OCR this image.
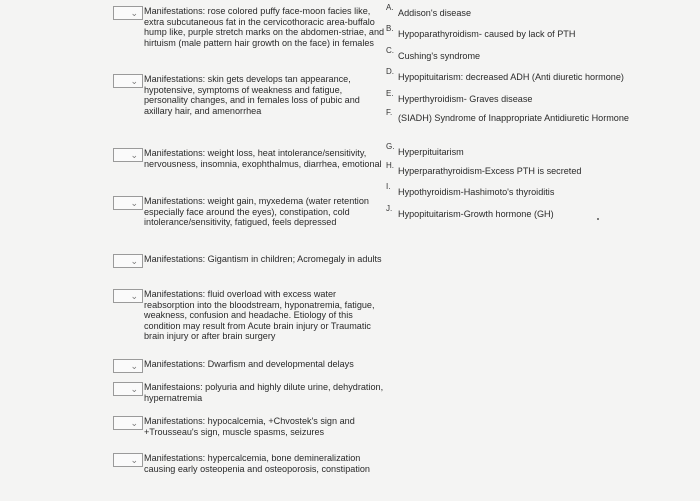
⌄ Manifestations: rose colored puffy face-moon facies like, extra subcutaneous fat in the cervicothoracic area-buffalo hump like, purple stretch marks on the abdomen-striae, and hirtuism (male pattern hair growth on the face) in females
⌄ Manifestations: skin gets develops tan appearance, hypotensive, symptoms of weakness and fatigue, personality changes, and in females loss of pubic and axillary hair, and amenorrhea
⌄ Manifestations: weight loss, heat intolerance/sensitivity, nervousness, insomnia, exophthalmus, diarrhea, emotional
⌄ Manifestations: weight gain, myxedema (water retention especially face around the eyes), constipation, cold intolerance/sensitivity, fatigued, feels depressed
⌄ Manifestations: Gigantism in children; Acromegaly in adults
⌄ Manifestations: fluid overload with excess water reabsorption into the bloodstream, hyponatremia, fatigue, weakness, confusion and headache. Etiology of this condition may result from Acute brain injury or Traumatic brain injury or after brain surgery
⌄ Manifestations: Dwarfism and developmental delays
⌄ Manifestaions: polyuria and highly dilute urine, dehydration, hypernatremia
⌄ Manifestations: hypocalcemia, +Chvostek's sign and +Trousseau's sign, muscle spasms, seizures
⌄ Manifestations: hypercalcemia, bone demineralization causing early osteopenia and osteoporosis, constipation
A.
Addison's disease
B.
Hypoparathyroidism- caused by lack of PTH
C.
Cushing's syndrome
D.
Hypopituitarism: decreased ADH (Anti diuretic hormone)
E.
Hyperthyroidism- Graves disease
F.
(SIADH) Syndrome of Inappropriate Antidiuretic Hormone
G.
Hyperpituitarism
H.
Hyperparathyroidism-Excess PTH is secreted
I.
Hypothyroidism-Hashimoto's thyroiditis
J.
Hypopituitarism-Growth hormone (GH)
